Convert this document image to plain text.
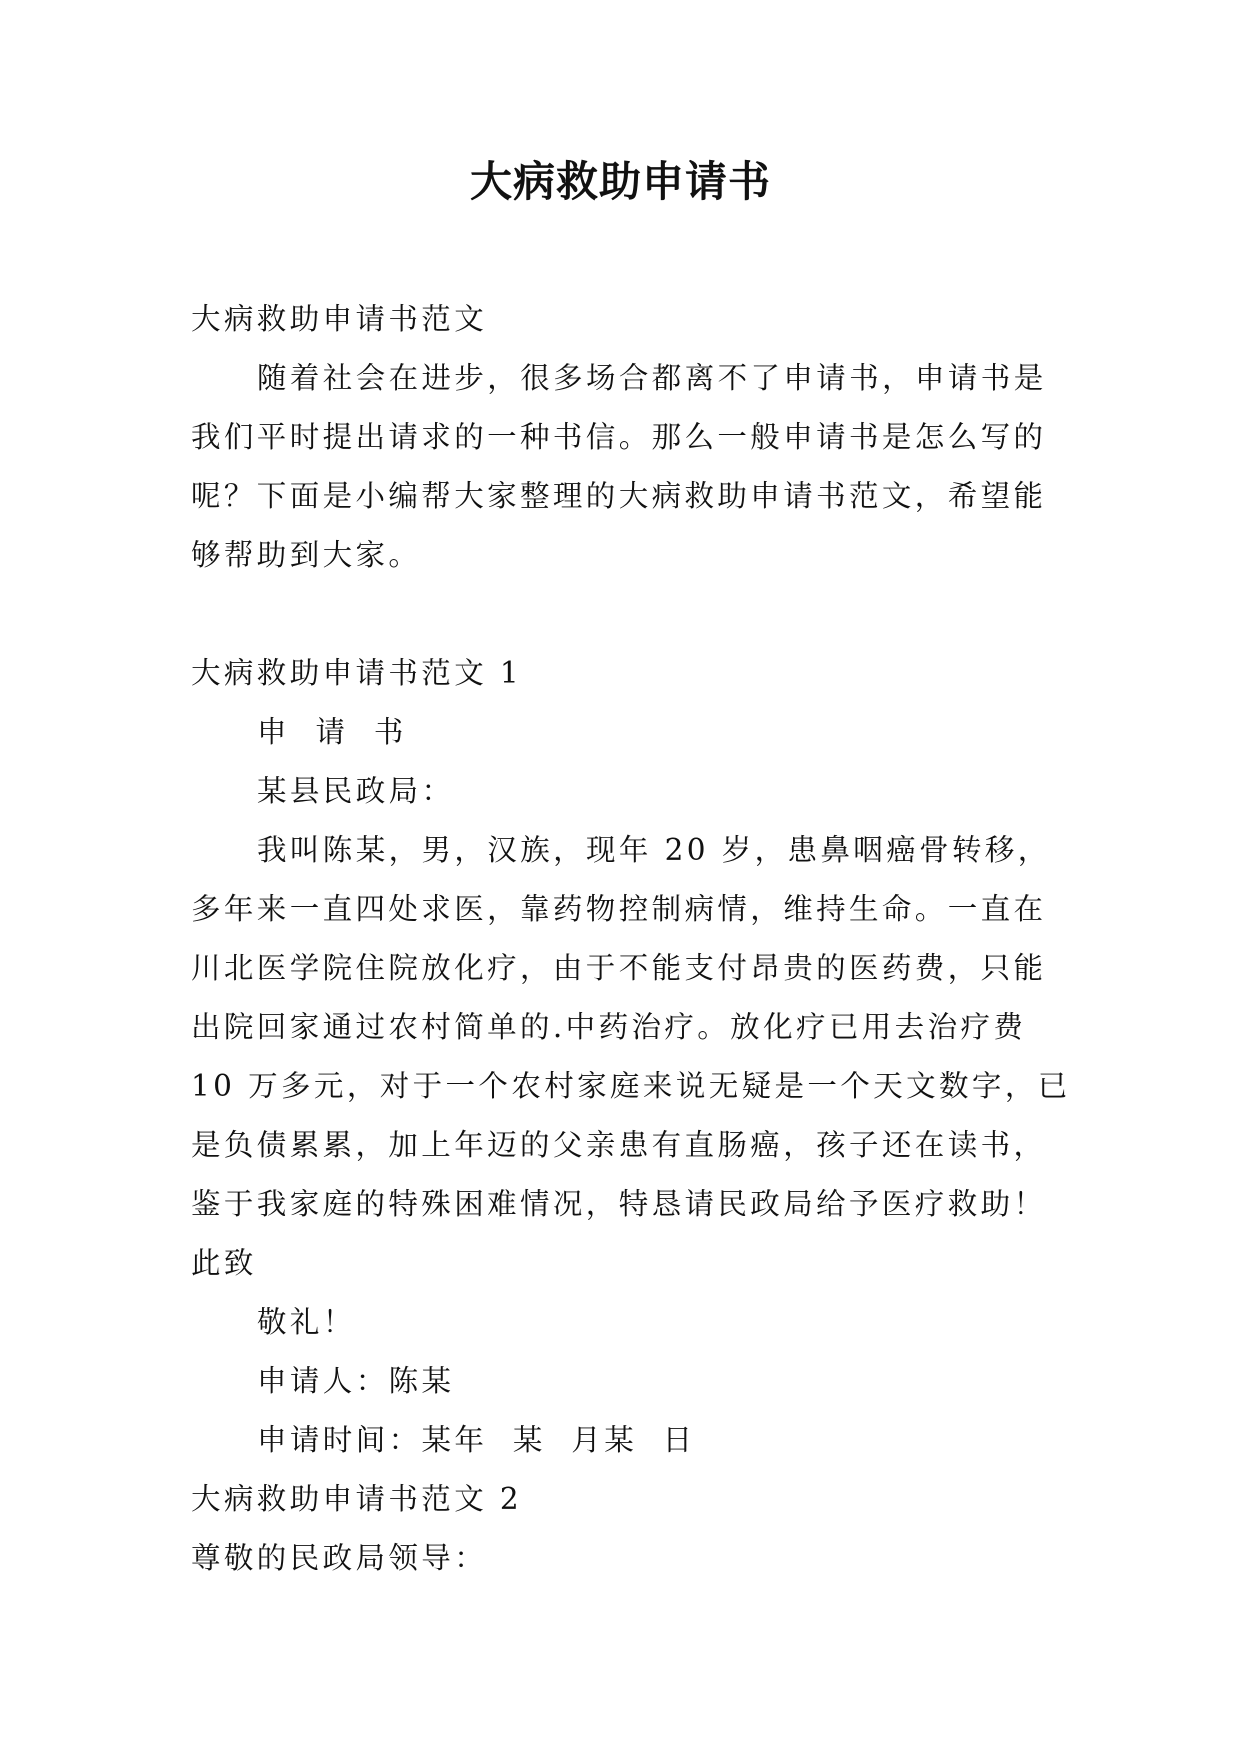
大病救助申请书
大病救助申请书范文
随着社会在进步，很多场合都离不了申请书，申请书是
我们平时提出请求的一种书信。那么一般申请书是怎么写的
呢？下面是小编帮大家整理的大病救助申请书范文，希望能
够帮助到大家。
大病救助申请书范文 1
申  请  书
某县民政局：
我叫陈某，男，汉族，现年 20 岁，患鼻咽癌骨转移，
多年来一直四处求医，靠药物控制病情，维持生命。一直在
川北医学院住院放化疗，由于不能支付昂贵的医药费，只能
出院回家通过农村简单的.中药治疗。放化疗已用去治疗费
10 万多元，对于一个农村家庭来说无疑是一个天文数字，已
是负债累累，加上年迈的父亲患有直肠癌，孩子还在读书，
鉴于我家庭的特殊困难情况，特恳请民政局给予医疗救助！
此致
敬礼！
申请人：陈某
申请时间：某年  某  月某  日
大病救助申请书范文 2
尊敬的民政局领导：
